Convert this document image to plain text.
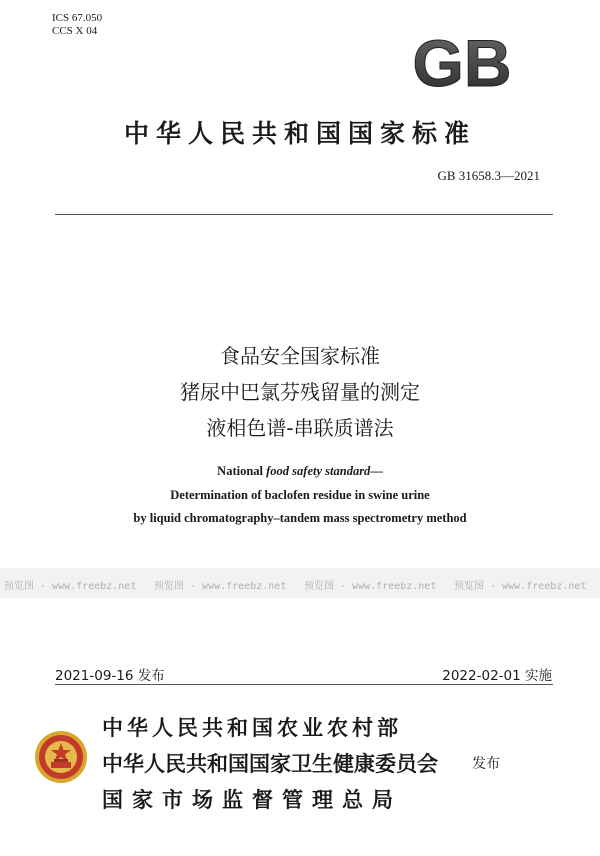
ICS 67.050
CCS X 04	GB
中华人民共和国国家标准
GB 31658.3—2021
食品安全国家标准
猪尿中巴氯芬残留量的测定
液相色谱-串联质谱法
National food safety standard—
Determination of baclofen residue in swine urine
by liquid chromatography–tandem mass spectrometry method
预览图 - www.freebz.net 预览图 - www.freebz.net 预览图 - www.freebz.net 预览图 - www.freebz.net
2021-09-16 发布	2022-02-01 实施
中华人民共和国农业农村部
中华人民共和国国家卫生健康委员会
国家市场监督管理总局
发布
